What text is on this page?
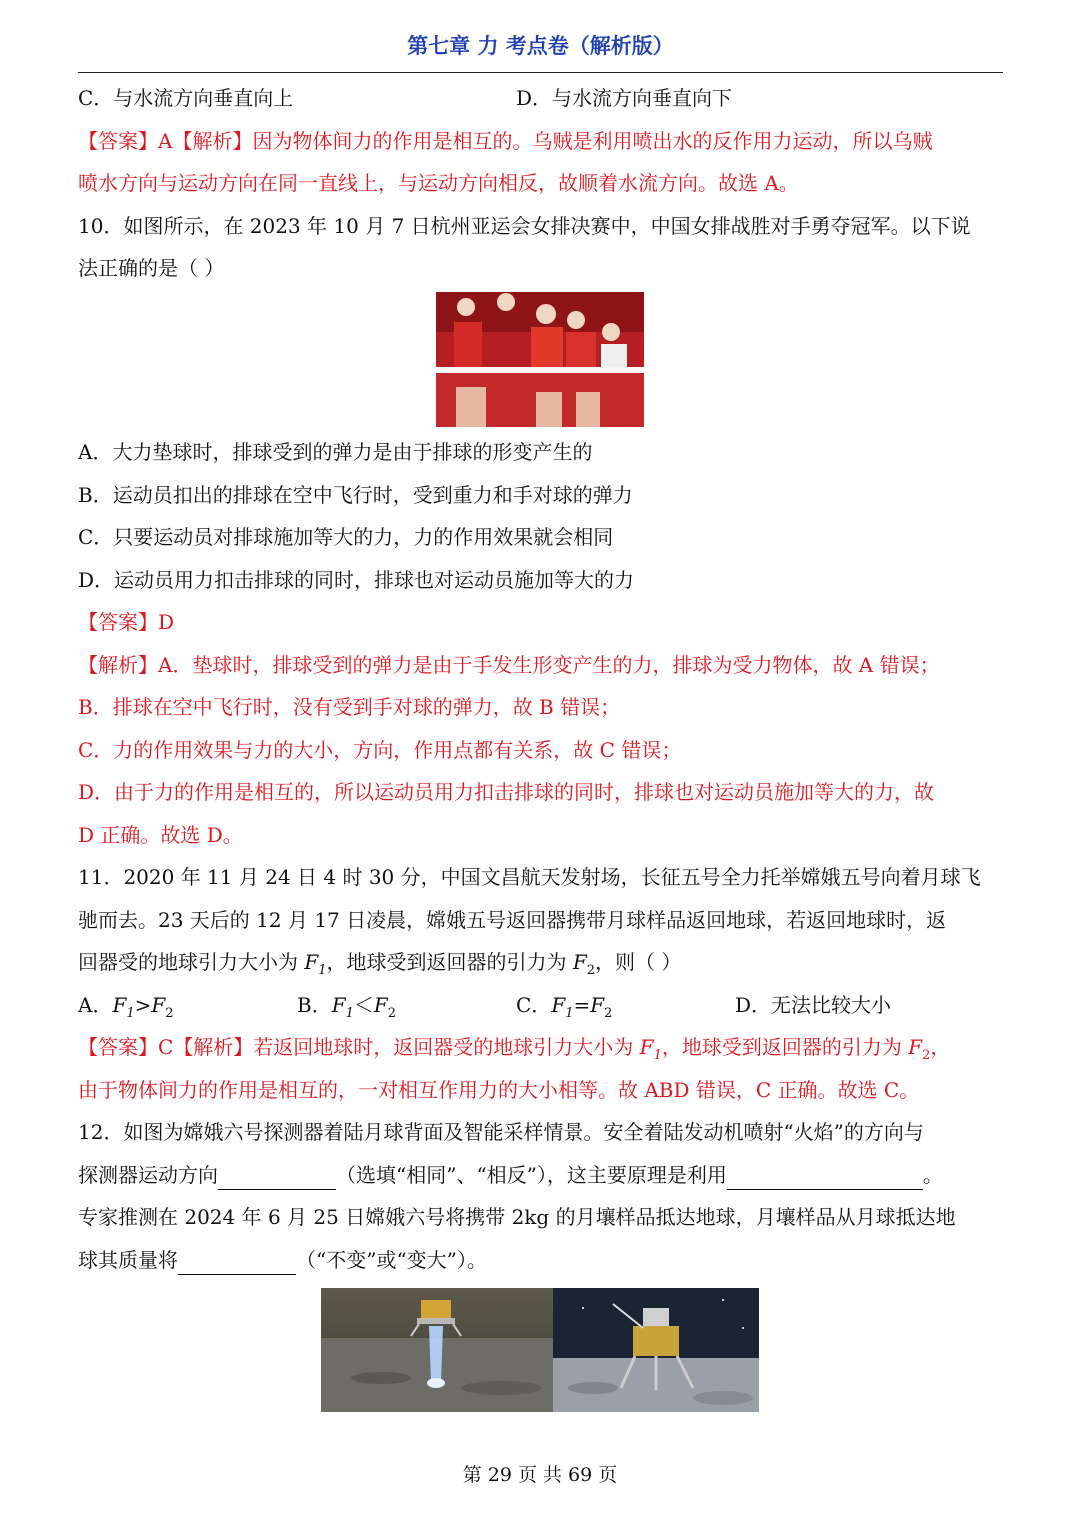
第七章 力 考点卷（解析版）
C．与水流方向垂直向上	D．与水流方向垂直向下
【答案】A【解析】因为物体间力的作用是相互的。乌贼是利用喷出水的反作用力运动，所以乌贼
喷水方向与运动方向在同一直线上，与运动方向相反，故顺着水流方向。故选 A。
10．如图所示，在 2023 年 10 月 7 日杭州亚运会女排决赛中，中国女排战胜对手勇夺冠军。以下说
法正确的是（ ）
A．大力垫球时，排球受到的弹力是由于排球的形变产生的
B．运动员扣出的排球在空中飞行时，受到重力和手对球的弹力
C．只要运动员对排球施加等大的力，力的作用效果就会相同
D．运动员用力扣击排球的同时，排球也对运动员施加等大的力
【答案】D
【解析】A．垫球时，排球受到的弹力是由于手发生形变产生的力，排球为受力物体，故 A 错误；
B．排球在空中飞行时，没有受到手对球的弹力，故 B 错误；
C．力的作用效果与力的大小，方向，作用点都有关系，故 C 错误；
D．由于力的作用是相互的，所以运动员用力扣击排球的同时，排球也对运动员施加等大的力，故
D 正确。故选 D。
11．2020 年 11 月 24 日 4 时 30 分，中国文昌航天发射场，长征五号全力托举嫦娥五号向着月球飞
驰而去。23 天后的 12 月 17 日凌晨，嫦娥五号返回器携带月球样品返回地球，若返回地球时，返
回器受的地球引力大小为 $F_1$，地球受到返回器的引力为 $F_2$，则（ ）
A．$F_1>F_2$	B．$F_1<F_2$	C．$F_1=F_2$	D．无法比较大小
【答案】C【解析】若返回地球时，返回器受的地球引力大小为 $F_1$，地球受到返回器的引力为 $F_2$，
由于物体间力的作用是相互的，一对相互作用力的大小相等。故 ABD 错误，C 正确。故选 C。
12．如图为嫦娥六号探测器着陆月球背面及智能采样情景。安全着陆发动机喷射“火焰”的方向与
探测器运动方向	（选填“相同”、“相反”），这主要原理是利用	。
专家推测在 2024 年 6 月 25 日嫦娥六号将携带 2kg 的月壤样品抵达地球，月壤样品从月球抵达地
球其质量将	（“不变”或“变大”）。
第 29 页 共 69 页
